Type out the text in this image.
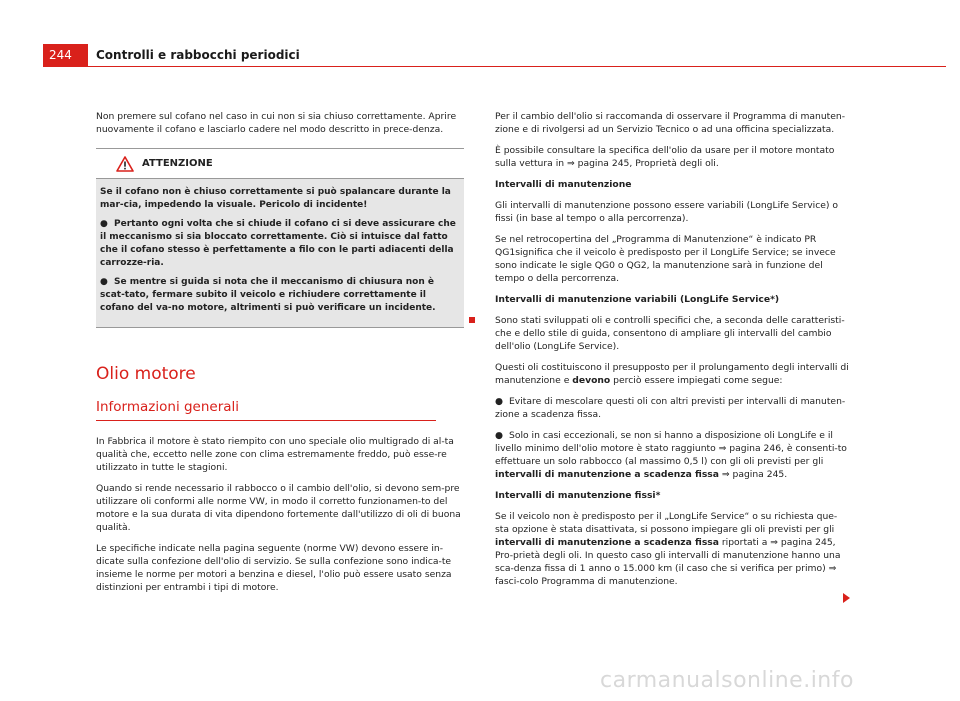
244	Controlli e rabbocchi periodici

Non premere sul cofano nel caso in cui non si sia chiuso correttamente. Aprire nuovamente il cofano e lasciarlo cadere nel modo descritto in prece-denza.

ATTENZIONE

Se il cofano non è chiuso correttamente si può spalancare durante la mar-cia, impedendo la visuale. Pericolo di incidente!

● Pertanto ogni volta che si chiude il cofano ci si deve assicurare che il meccanismo si sia bloccato correttamente. Ciò si intuisce dal fatto che il cofano stesso è perfettamente a filo con le parti adiacenti della carrozze-ria.

● Se mentre si guida si nota che il meccanismo di chiusura non è scat-tato, fermare subito il veicolo e richiudere correttamente il cofano del va-no motore, altrimenti si può verificare un incidente.

Olio motore
Informazioni generali

In Fabbrica il motore è stato riempito con uno speciale olio multigrado di al-ta qualità che, eccetto nelle zone con clima estremamente freddo, può esse-re utilizzato in tutte le stagioni.

Quando si rende necessario il rabbocco o il cambio dell'olio, si devono sem-pre utilizzare oli conformi alle norme VW, in modo il corretto funzionamen-to del motore e la sua durata di vita dipendono fortemente dall'utilizzo di oli di buona qualità.

Le specifiche indicate nella pagina seguente (norme VW) devono essere in-dicate sulla confezione dell'olio di servizio. Se sulla confezione sono indica-te insieme le norme per motori a benzina e diesel, l'olio può essere usato senza distinzioni per entrambi i tipi di motore.

Per il cambio dell'olio si raccomanda di osservare il Programma di manuten-zione e di rivolgersi ad un Servizio Tecnico o ad una officina specializzata.

È possibile consultare la specifica dell'olio da usare per il motore montato sulla vettura in ⇒ pagina 245, Proprietà degli oli.

Intervalli di manutenzione

Gli intervalli di manutenzione possono essere variabili (LongLife Service) o fissi (in base al tempo o alla percorrenza).

Se nel retrocopertina del „Programma di Manutenzione“ è indicato PR QG1significa che il veicolo è predisposto per il LongLife Service; se invece sono indicate le sigle QG0 o QG2, la manutenzione sarà in funzione del tempo o della percorrenza.

Intervalli di manutenzione variabili (LongLife Service*)

Sono stati sviluppati oli e controlli specifici che, a seconda delle caratteristi-che e dello stile di guida, consentono di ampliare gli intervalli del cambio dell'olio (LongLife Service).

Questi oli costituiscono il presupposto per il prolungamento degli intervalli di manutenzione e devono perciò essere impiegati come segue:

● Evitare di mescolare questi oli con altri previsti per intervalli di manuten-zione a scadenza fissa.

● Solo in casi eccezionali, se non si hanno a disposizione oli LongLife e il livello minimo dell'olio motore è stato raggiunto ⇒ pagina 246, è consenti-to effettuare un solo rabbocco (al massimo 0,5 l) con gli oli previsti per gli intervalli di manutenzione a scadenza fissa ⇒ pagina 245.

Intervalli di manutenzione fissi*

Se il veicolo non è predisposto per il „LongLife Service“ o su richiesta que-sta opzione è stata disattivata, si possono impiegare gli oli previsti per gli intervalli di manutenzione a scadenza fissa riportati a ⇒ pagina 245, Pro-prietà degli oli. In questo caso gli intervalli di manutenzione hanno una sca-denza fissa di 1 anno o 15.000 km (il caso che si verifica per primo) ⇒ fasci-colo Programma di manutenzione.

carmanualsonline.info
